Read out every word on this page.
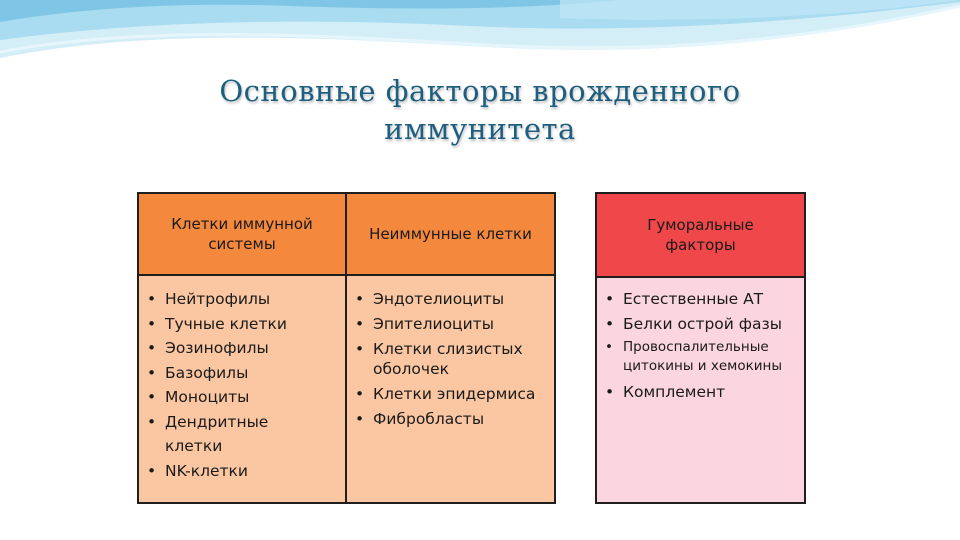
Основные факторы врожденного
иммунитета
Клетки иммунной системы
• Нейтрофилы
• Тучные клетки
• Эозинофилы
• Базофилы
• Моноциты
• Дендритные клетки
• NK-клетки
Неиммунные клетки
• Эндотелиоциты
• Эпителиоциты
• Клетки слизистых оболочек
• Клетки эпидермиса
• Фибробласты
Гуморальные факторы
• Естественные АТ
• Белки острой фазы
• Провоспалительные цитокины и хемокины
• Комплемент
